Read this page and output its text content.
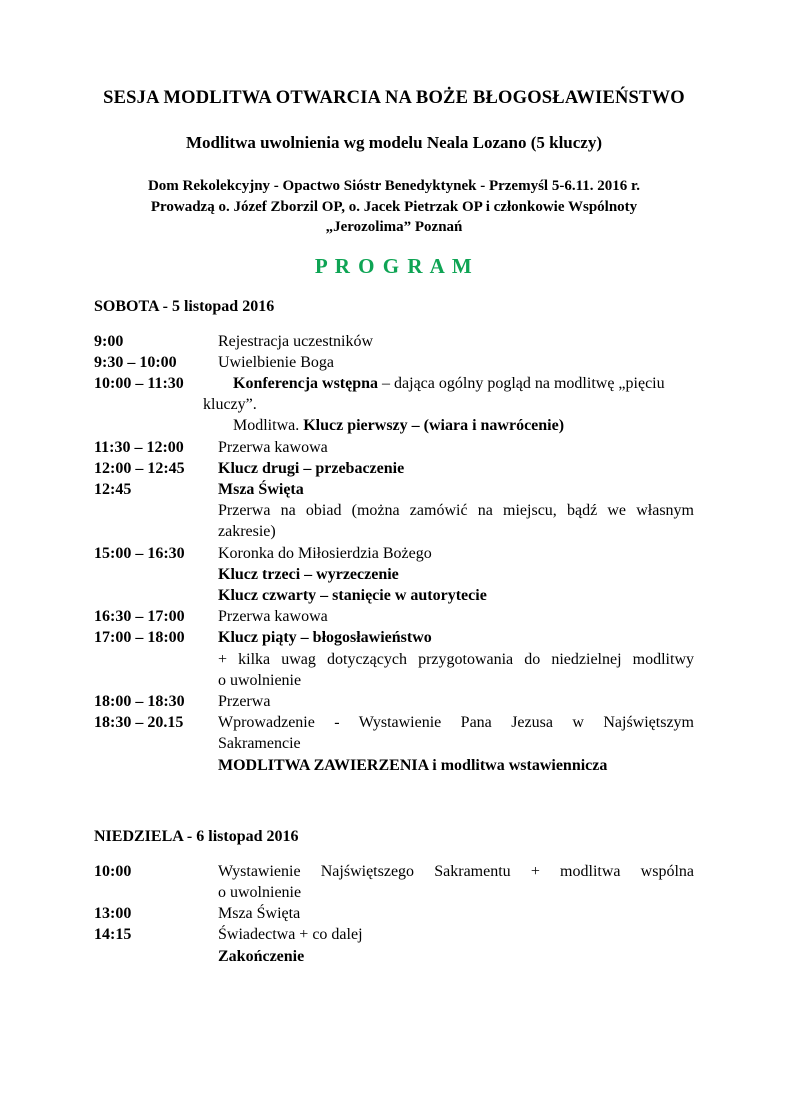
SESJA MODLITWA OTWARCIA NA BOŻE BŁOGOSŁAWIEŃSTWO
Modlitwa uwolnienia wg modelu Neala Lozano (5 kluczy)
Dom Rekolekcyjny - Opactwo Sióstr Benedyktynek - Przemyśl 5-6.11. 2016 r.
Prowadzą o. Józef Zborzil OP, o. Jacek Pietrzak OP i członkowie Wspólnoty
„Jerozolima” Poznań
P R O G R A M
SOBOTA - 5 listopad 2016
9:00	Rejestracja uczestników
9:30 – 10:00	Uwielbienie Boga
10:00 – 11:30	Konferencja wstępna – dająca ogólny pogląd na modlitwę „pięciu
kluczy”.
Modlitwa. Klucz pierwszy – (wiara i nawrócenie)
11:30 – 12:00	Przerwa kawowa
12:00 – 12:45	Klucz drugi – przebaczenie
12:45	Msza Święta
Przerwa na obiad (można zamówić na miejscu, bądź we własnym
zakresie)
15:00 – 16:30	Koronka do Miłosierdzia Bożego
Klucz trzeci – wyrzeczenie
Klucz czwarty – stanięcie w autorytecie
16:30 – 17:00	Przerwa kawowa
17:00 – 18:00	Klucz piąty – błogosławieństwo
+ kilka uwag dotyczących przygotowania do niedzielnej modlitwy
o uwolnienie
18:00 – 18:30	Przerwa
18:30 – 20.15	Wprowadzenie - Wystawienie Pana Jezusa w Najświętszym
Sakramencie
MODLITWA ZAWIERZENIA i modlitwa wstawiennicza
NIEDZIELA - 6 listopad 2016
10:00	Wystawienie Najświętszego Sakramentu + modlitwa wspólna
o uwolnienie
13:00	Msza Święta
14:15	Świadectwa + co dalej
Zakończenie
